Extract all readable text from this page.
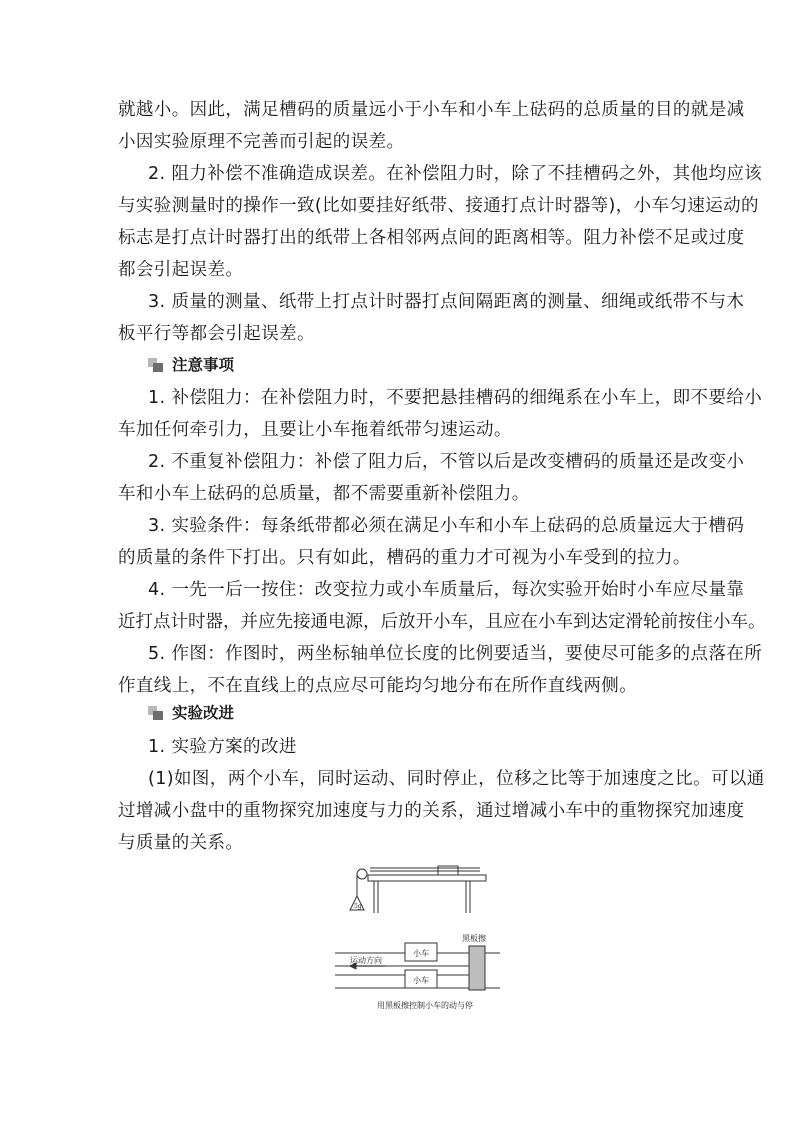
就越小。因此，满足槽码的质量远小于小车和小车上砝码的总质量的目的就是减
小因实验原理不完善而引起的误差。
2. 阻力补偿不准确造成误差。在补偿阻力时，除了不挂槽码之外，其他均应该
与实验测量时的操作一致(比如要挂好纸带、接通打点计时器等)，小车匀速运动的
标志是打点计时器打出的纸带上各相邻两点间的距离相等。阻力补偿不足或过度
都会引起误差。
3. 质量的测量、纸带上打点计时器打点间隔距离的测量、细绳或纸带不与木
板平行等都会引起误差。
注意事项
1. 补偿阻力：在补偿阻力时，不要把悬挂槽码的细绳系在小车上，即不要给小
车加任何牵引力，且要让小车拖着纸带匀速运动。
2. 不重复补偿阻力：补偿了阻力后，不管以后是改变槽码的质量还是改变小
车和小车上砝码的总质量，都不需要重新补偿阻力。
3. 实验条件：每条纸带都必须在满足小车和小车上砝码的总质量远大于槽码
的质量的条件下打出。只有如此，槽码的重力才可视为小车受到的拉力。
4. 一先一后一按住：改变拉力或小车质量后，每次实验开始时小车应尽量靠
近打点计时器，并应先接通电源，后放开小车，且应在小车到达定滑轮前按住小车。
5. 作图：作图时，两坐标轴单位长度的比例要适当，要使尽可能多的点落在所
作直线上，不在直线上的点应尽可能均匀地分布在所作直线两侧。
实验改进
1. 实验方案的改进
(1)如图，两个小车，同时运动、同时停止，位移之比等于加速度之比。可以通
过增减小盘中的重物探究加速度与力的关系，通过增减小车中的重物探究加速度
与质量的关系。
5g
小车
小车
黑板擦
运动方向
用黑板擦控制小车的动与停
